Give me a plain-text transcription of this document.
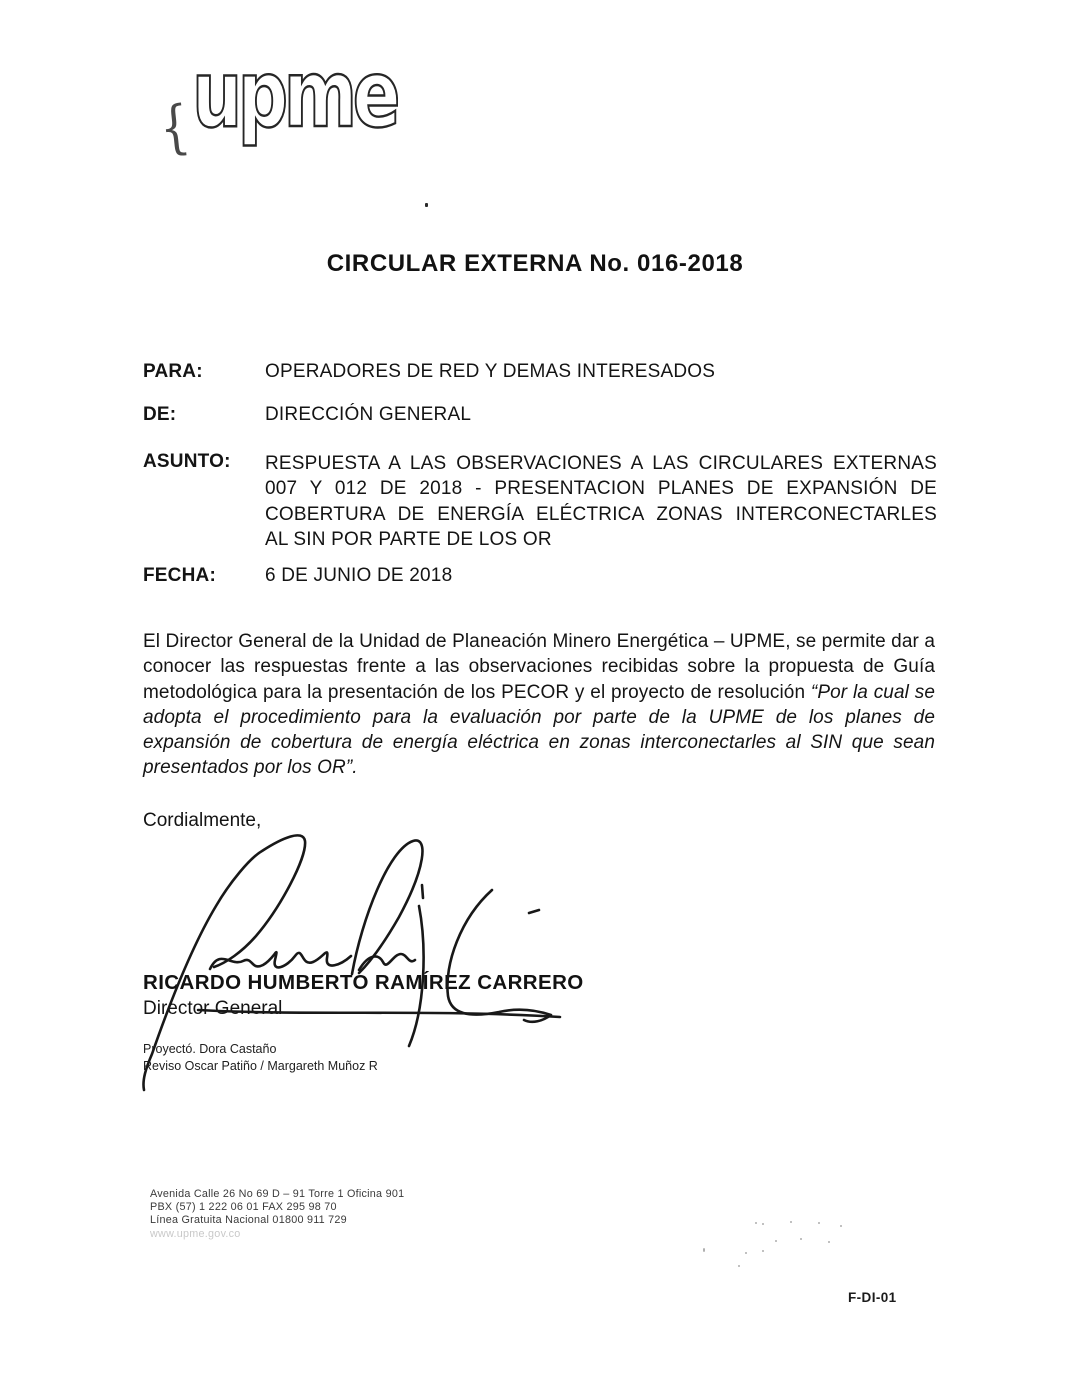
{ upme
CIRCULAR EXTERNA No. 016-2018
PARA:	OPERADORES DE RED Y DEMAS INTERESADOS
DE:	DIRECCIÓN GENERAL
ASUNTO:	RESPUESTA A LAS OBSERVACIONES A LAS CIRCULARES EXTERNAS
007 Y 012 DE 2018 - PRESENTACION PLANES DE EXPANSIÓN DE
COBERTURA DE ENERGÍA ELÉCTRICA ZONAS INTERCONECTARLES
AL SIN POR PARTE DE LOS OR
FECHA:	6 DE JUNIO DE 2018

El Director General de la Unidad de Planeación Minero Energética – UPME, se permite dar a conocer las respuestas frente a las observaciones recibidas sobre la propuesta de Guía metodológica para la presentación de los PECOR y el proyecto de resolución “Por la cual se adopta el procedimiento para la evaluación por parte de la UPME de los planes de expansión de cobertura de energía eléctrica en zonas interconectarles al SIN que sean presentados por los OR”.

Cordialmente,
RICARDO HUMBERTO RAMÍREZ CARRERO
Director General
Proyectó. Dora Castaño
Reviso Oscar Patiño / Margareth Muñoz R
Avenida Calle 26 No 69 D – 91 Torre 1 Oficina 901
PBX (57) 1 222 06 01 FAX 295 98 70
Línea Gratuita Nacional 01800 911 729
www.upme.gov.co
F-DI-01
